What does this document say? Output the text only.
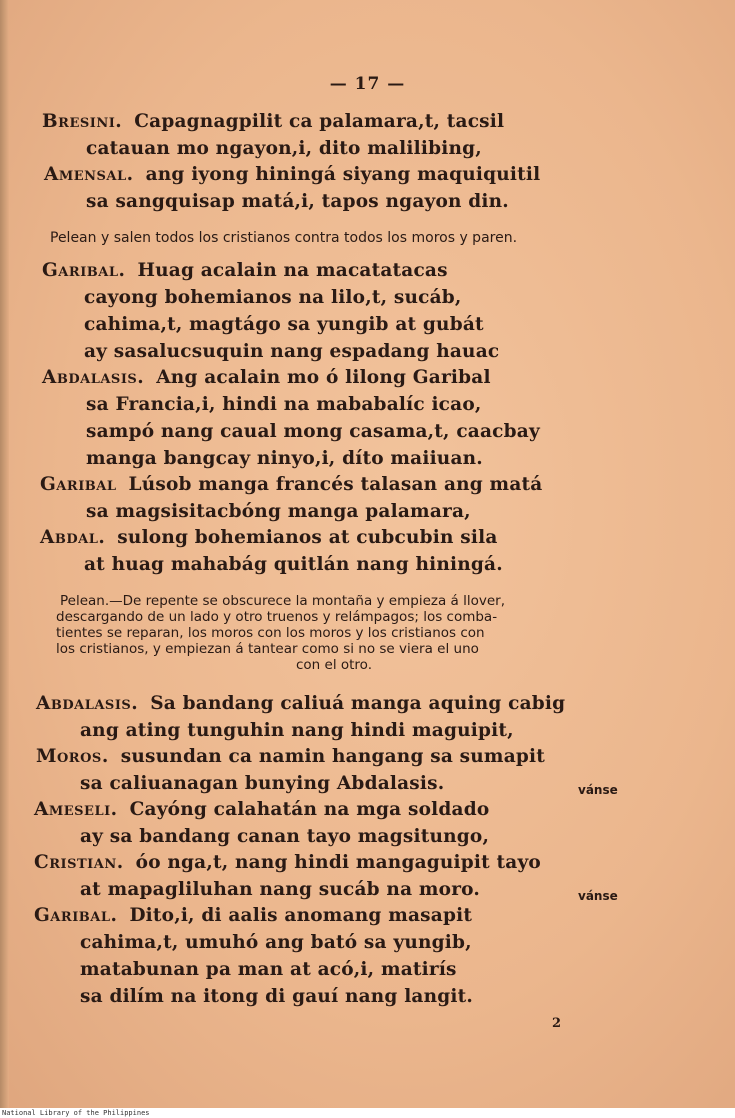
— 17 —
Bresini. Capagnagpilit ca palamara,t, tacsil
catauan mo ngayon,i, dito malilibing,
Amensal. ang iyong hiningá siyang maquiquitil
sa sangquisap matá,i, tapos ngayon din.
Pelean y salen todos los cristianos contra todos los moros y paren.
Garibal. Huag acalain na macatatacas
cayong bohemianos na lilo,t, sucáb,
cahima,t, magtágo sa yungib at gubát
ay sasalucsuquin nang espadang hauac
Abdalasis. Ang acalain mo ó lilong Garibal
sa Francia,i, hindi na mababalíc icao,
sampó nang caual mong casama,t, caacbay
manga bangcay ninyo,i, díto maiiuan.
Garibal Lúsob manga francés talasan ang matá
sa magsisitacbóng manga palamara,
Abdal. sulong bohemianos at cubcubin sila
at huag mahabág quitlán nang hiningá.
Pelean.—De repente se obscurece la montaña y empieza á llover,
descargando de un lado y otro truenos y relámpagos; los comba-
tientes se reparan, los moros con los moros y los cristianos con
los cristianos, y empiezan á tantear como si no se viera el uno
con el otro.
Abdalasis. Sa bandang caliuá manga aquing cabig
ang ating tunguhin nang hindi maguipit,
Moros. susundan ca namin hangang sa sumapit
sa caliuanagan bunying Abdalasis.
Ameseli. Cayóng calahatán na mga soldado
ay sa bandang canan tayo magsitungo,
Cristian. óo nga,t, nang hindi mangaguipit tayo
at mapagliluhan nang sucáb na moro.
Garibal. Dito,i, di aalis anomang masapit
cahima,t, umuhó ang bató sa yungib,
matabunan pa man at acó,i, matirís
sa dilím na itong di gauí nang langit.
vánse
vánse
2
National Library of the Philippines
